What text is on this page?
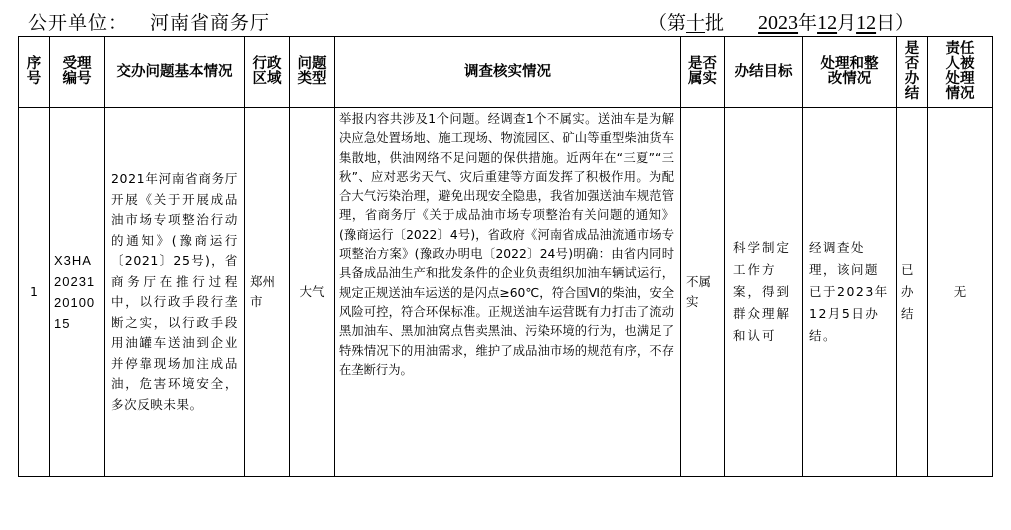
公开单位： 河南省商务厅	（第十批 2023年12月12日）
序号	受理编号	交办问题基本情况	行政区域	问题类型	调查核实情况	是否属实	办结目标	处理和整改情况	是否办结	责任人被处理情况
1	X3HA2023120100 15	2021年河南省商务厅开展《关于开展成品油市场专项整治行动的通知》(豫商运行〔2021〕25号)，省商务厅在推行过程中，以行政手段行垄断之实，以行政手段用油罐车送油到企业并停靠现场加注成品油，危害环境安全，多次反映未果。	郑州市	大气	举报内容共涉及1个问题。经调查1个不属实。送油车是为解决应急处置场地、施工现场、物流园区、矿山等重型柴油货车集散地，供油网络不足问题的保供措施。近两年在“三夏”“三秋”、应对恶劣天气、灾后重建等方面发挥了积极作用。为配合大气污染治理，避免出现安全隐患，我省加强送油车规范管理，省商务厅《关于成品油市场专项整治有关问题的通知》(豫商运行〔2022〕4号)，省政府《河南省成品油流通市场专项整治方案》(豫政办明电〔2022〕24号)明确：由省内同时具备成品油生产和批发条件的企业负责组织加油车辆试运行，规定正规送油车运送的是闪点≥60℃，符合国Ⅵ的柴油，安全风险可控，符合环保标准。正规送油车运营既有力打击了流动黑加油车、黑加油窝点售卖黑油、污染环境的行为，也满足了特殊情况下的用油需求，维护了成品油市场的规范有序，不存在垄断行为。	不属实	科学制定工作方案，得到群众理解和认可	经调查处理，该问题已于2023年12月5日办结。	已办结	无
